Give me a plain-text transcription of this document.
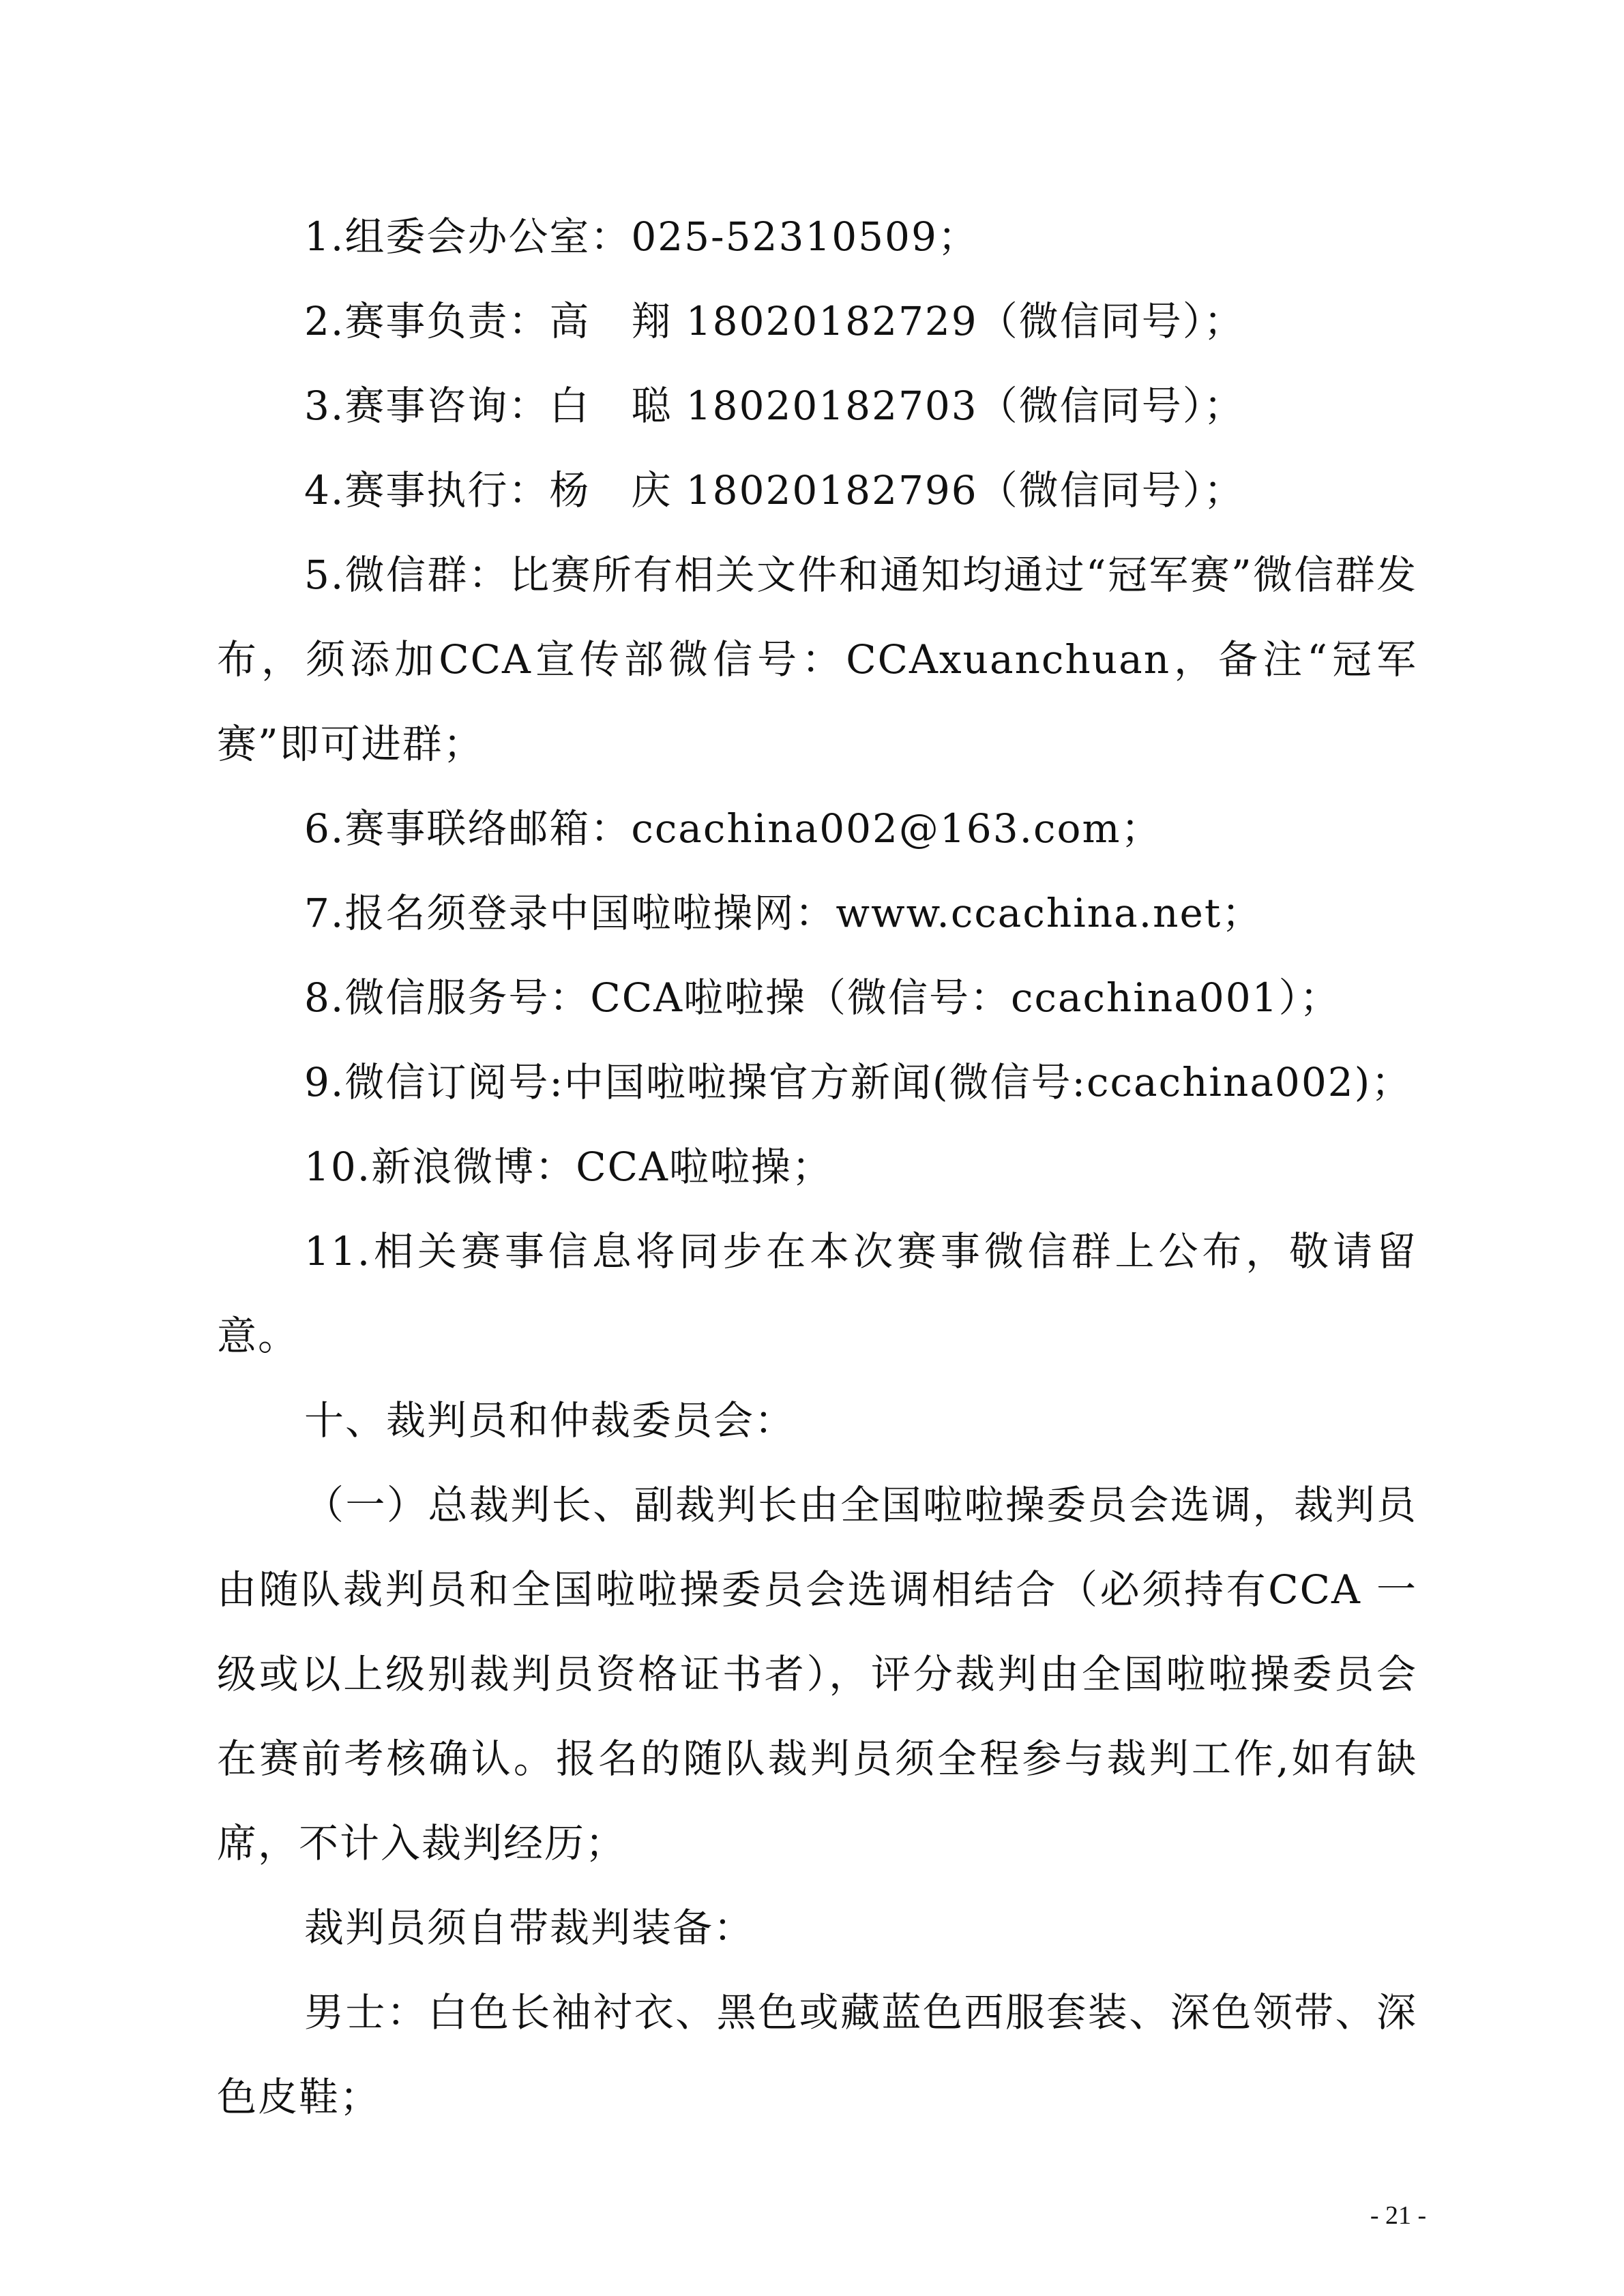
1.组委会办公室：025-52310509；

2.赛事负责：高　翔 18020182729（微信同号）；

3.赛事咨询：白　聪 18020182703（微信同号）；

4.赛事执行：杨　庆 18020182796（微信同号）；

5.微信群：比赛所有相关文件和通知均通过“冠军赛”微信群发布，须添加CCA宣传部微信号：CCAxuanchuan，备注“冠军赛”即可进群；

6.赛事联络邮箱：ccachina002@163.com；

7.报名须登录中国啦啦操网：www.ccachina.net；

8.微信服务号：CCA啦啦操（微信号：ccachina001）；

9.微信订阅号:中国啦啦操官方新闻(微信号:ccachina002)；

10.新浪微博：CCA啦啦操；

11.相关赛事信息将同步在本次赛事微信群上公布，敬请留意。

十、裁判员和仲裁委员会：

（一）总裁判长、副裁判长由全国啦啦操委员会选调，裁判员由随队裁判员和全国啦啦操委员会选调相结合（必须持有CCA 一级或以上级别裁判员资格证书者），评分裁判由全国啦啦操委员会在赛前考核确认。报名的随队裁判员须全程参与裁判工作,如有缺席，不计入裁判经历；

裁判员须自带裁判装备：

男士：白色长袖衬衣、黑色或藏蓝色西服套装、深色领带、深色皮鞋；

- 21 -
